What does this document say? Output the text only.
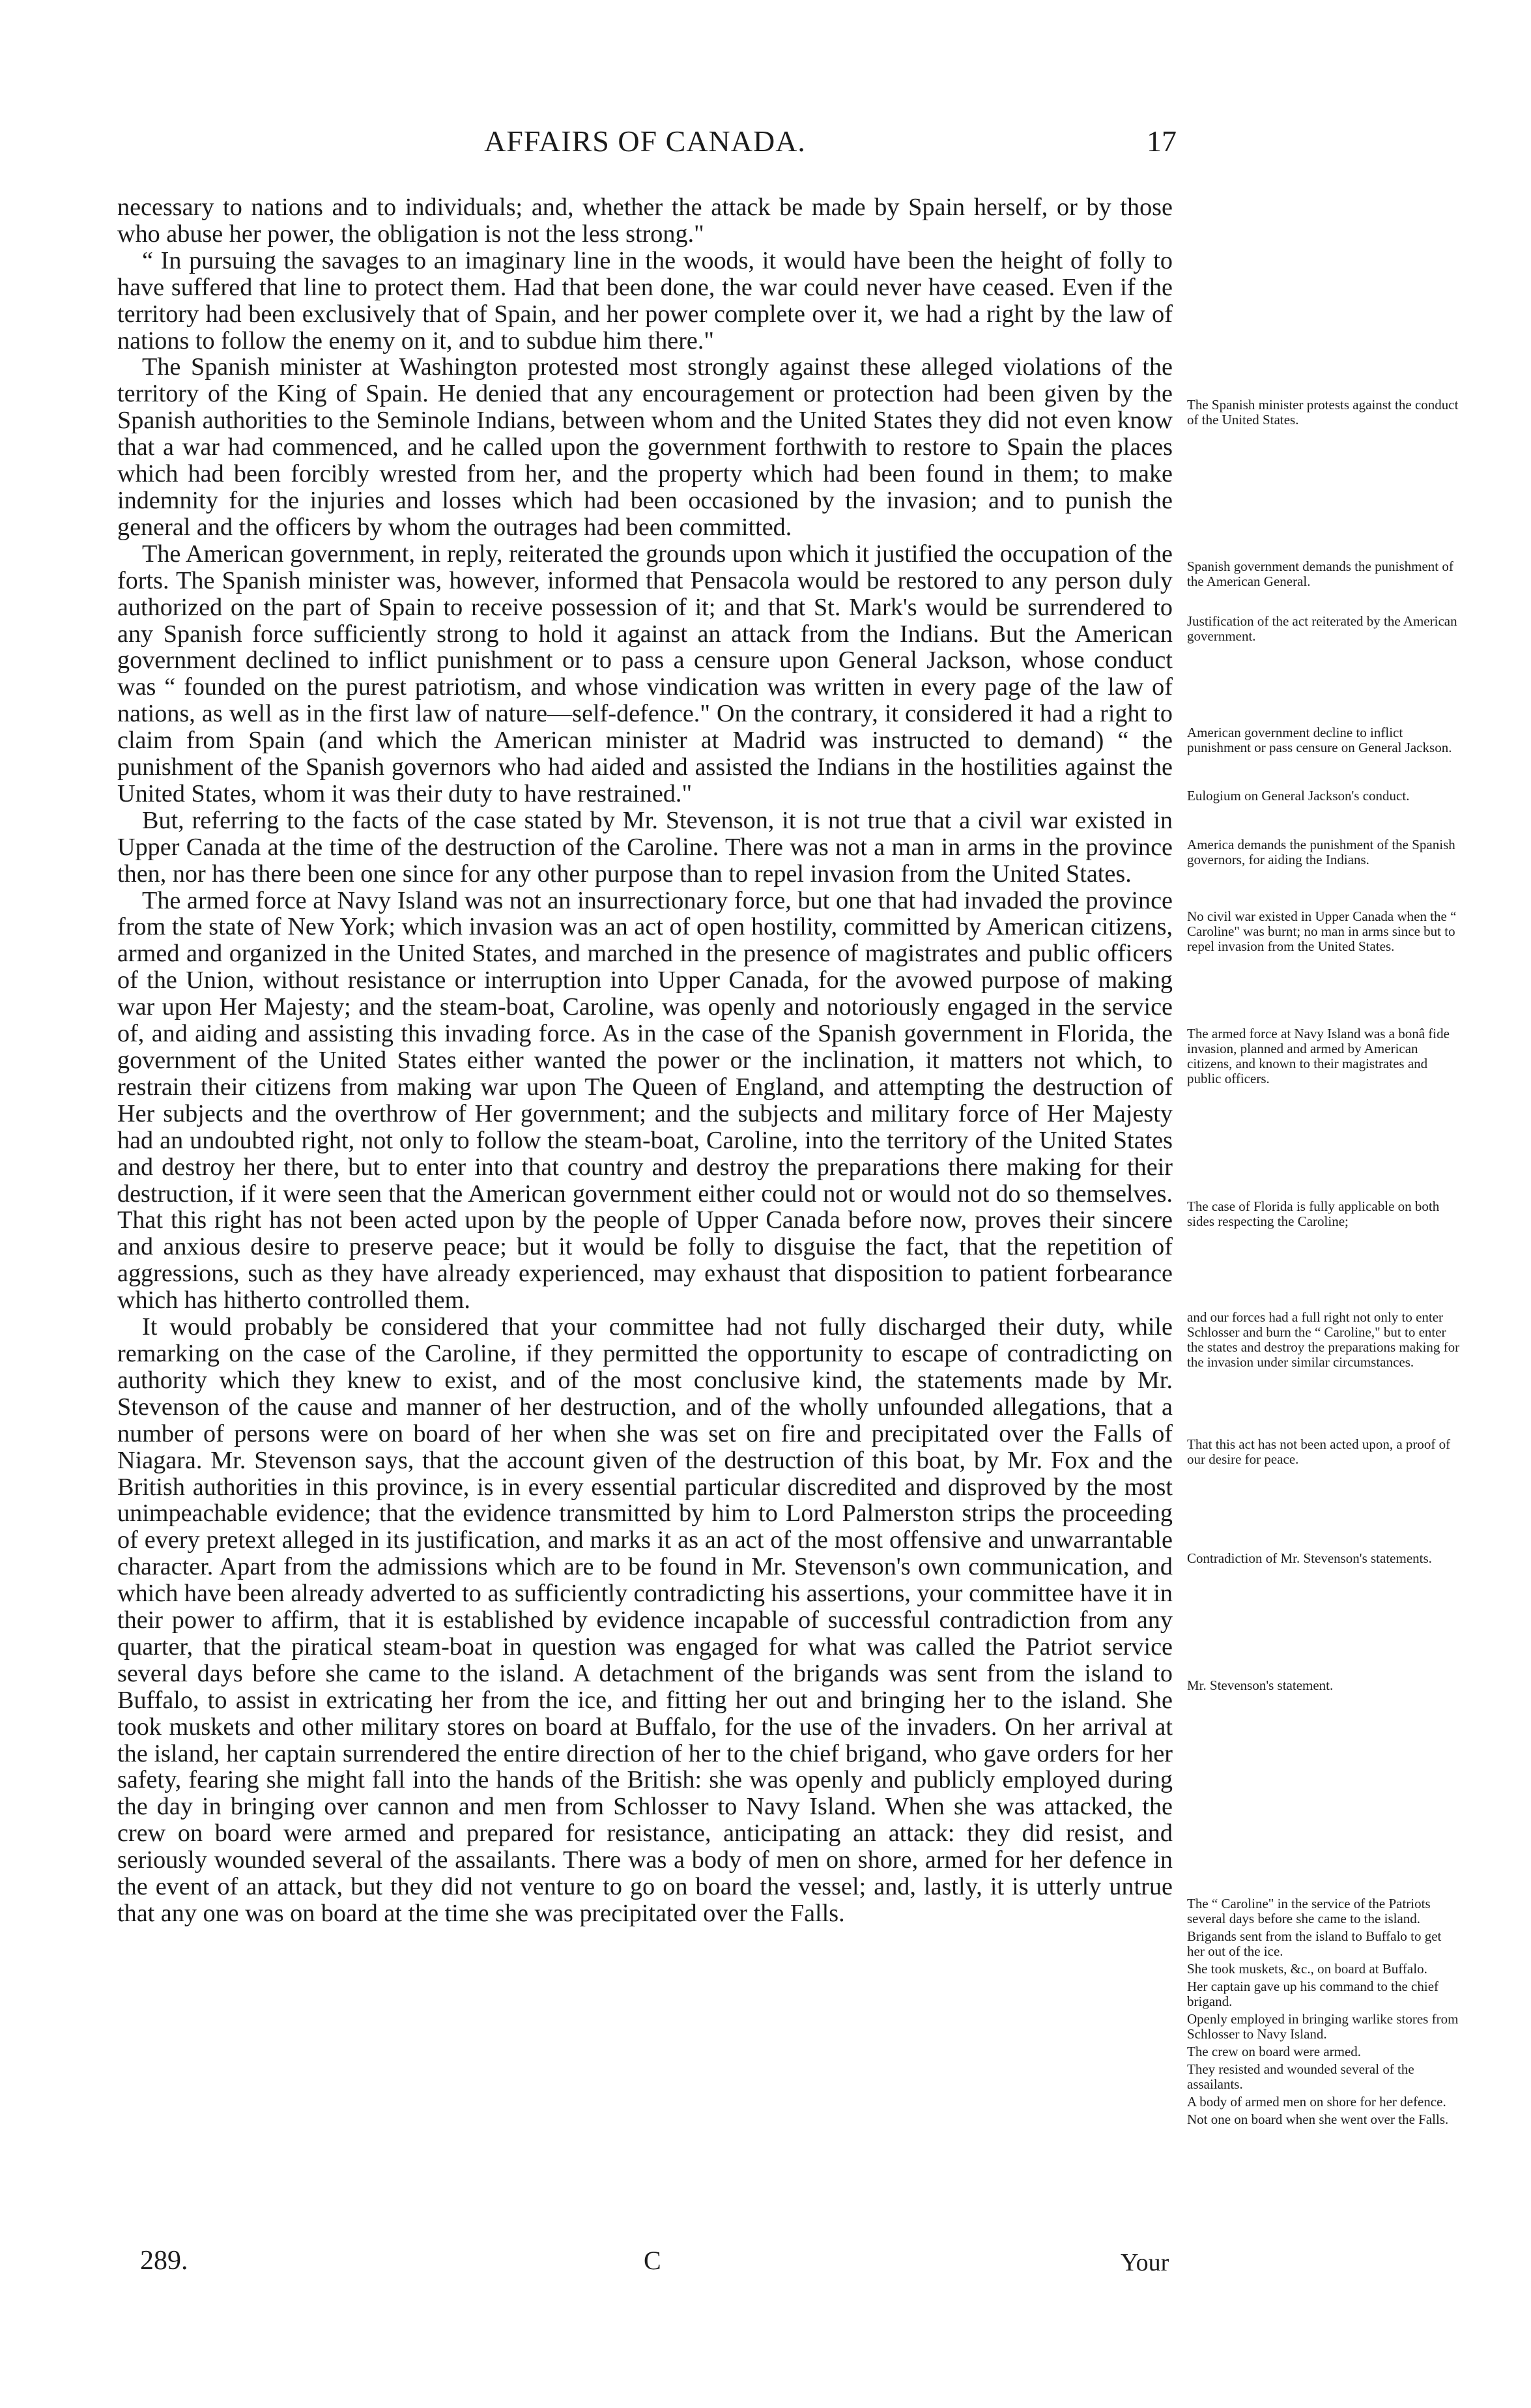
AFFAIRS OF CANADA.	17

necessary to nations and to individuals; and, whether the attack be made by Spain herself, or by those who abuse her power, the obligation is not the less strong."

“ In pursuing the savages to an imaginary line in the woods, it would have been the height of folly to have suffered that line to protect them. Had that been done, the war could never have ceased. Even if the territory had been exclusively that of Spain, and her power complete over it, we had a right by the law of nations to follow the enemy on it, and to subdue him there."

The Spanish minister at Washington protested most strongly against these alleged violations of the territory of the King of Spain. He denied that any encouragement or protection had been given by the Spanish authorities to the Seminole Indians, between whom and the United States they did not even know that a war had commenced, and he called upon the government forthwith to restore to Spain the places which had been forcibly wrested from her, and the property which had been found in them; to make indemnity for the injuries and losses which had been occasioned by the invasion; and to punish the general and the officers by whom the outrages had been committed.

The American government, in reply, reiterated the grounds upon which it justified the occupation of the forts. The Spanish minister was, however, informed that Pensacola would be restored to any person duly authorized on the part of Spain to receive possession of it; and that St. Mark's would be surrendered to any Spanish force sufficiently strong to hold it against an attack from the Indians. But the American government declined to inflict punishment or to pass a censure upon General Jackson, whose conduct was “ founded on the purest patriotism, and whose vindication was written in every page of the law of nations, as well as in the first law of nature—self-defence." On the contrary, it considered it had a right to claim from Spain (and which the American minister at Madrid was instructed to demand) “ the punishment of the Spanish governors who had aided and assisted the Indians in the hostilities against the United States, whom it was their duty to have restrained."

But, referring to the facts of the case stated by Mr. Stevenson, it is not true that a civil war existed in Upper Canada at the time of the destruction of the Caroline. There was not a man in arms in the province then, nor has there been one since for any other purpose than to repel invasion from the United States.

The armed force at Navy Island was not an insurrectionary force, but one that had invaded the province from the state of New York; which invasion was an act of open hostility, committed by American citizens, armed and organized in the United States, and marched in the presence of magistrates and public officers of the Union, without resistance or interruption into Upper Canada, for the avowed purpose of making war upon Her Majesty; and the steam-boat, Caroline, was openly and notoriously engaged in the service of, and aiding and assisting this invading force. As in the case of the Spanish government in Florida, the government of the United States either wanted the power or the inclination, it matters not which, to restrain their citizens from making war upon The Queen of England, and attempting the destruction of Her subjects and the overthrow of Her government; and the subjects and military force of Her Majesty had an undoubted right, not only to follow the steam-boat, Caroline, into the territory of the United States and destroy her there, but to enter into that country and destroy the preparations there making for their destruction, if it were seen that the American government either could not or would not do so themselves. That this right has not been acted upon by the people of Upper Canada before now, proves their sincere and anxious desire to preserve peace; but it would be folly to disguise the fact, that the repetition of aggressions, such as they have already experienced, may exhaust that disposition to patient forbearance which has hitherto controlled them.

It would probably be considered that your committee had not fully discharged their duty, while remarking on the case of the Caroline, if they permitted the opportunity to escape of contradicting on authority which they knew to exist, and of the most conclusive kind, the statements made by Mr. Stevenson of the cause and manner of her destruction, and of the wholly unfounded allegations, that a number of persons were on board of her when she was set on fire and precipitated over the Falls of Niagara. Mr. Stevenson says, that the account given of the destruction of this boat, by Mr. Fox and the British authorities in this province, is in every essential particular discredited and disproved by the most unimpeachable evidence; that the evidence transmitted by him to Lord Palmerston strips the proceeding of every pretext alleged in its justification, and marks it as an act of the most offensive and unwarrantable character. Apart from the admissions which are to be found in Mr. Stevenson's own communication, and which have been already adverted to as sufficiently contradicting his assertions, your committee have it in their power to affirm, that it is established by evidence incapable of successful contradiction from any quarter, that the piratical steam-boat in question was engaged for what was called the Patriot service several days before she came to the island. A detachment of the brigands was sent from the island to Buffalo, to assist in extricating her from the ice, and fitting her out and bringing her to the island. She took muskets and other military stores on board at Buffalo, for the use of the invaders. On her arrival at the island, her captain surrendered the entire direction of her to the chief brigand, who gave orders for her safety, fearing she might fall into the hands of the British: she was openly and publicly employed during the day in bringing over cannon and men from Schlosser to Navy Island. When she was attacked, the crew on board were armed and prepared for resistance, anticipating an attack: they did resist, and seriously wounded several of the assailants. There was a body of men on shore, armed for her defence in the event of an attack, but they did not venture to go on board the vessel; and, lastly, it is utterly untrue that any one was on board at the time she was precipitated over the Falls.

The Spanish minister protests against the conduct of the United States.
Spanish government demands the punishment of the American General.
Justification of the act reiterated by the American government.
American government decline to inflict punishment or pass censure on General Jackson.
Eulogium on General Jackson's conduct.
America demands the punishment of the Spanish governors, for aiding the Indians.
No civil war existed in Upper Canada when the “ Caroline" was burnt; no man in arms since but to repel invasion from the United States.
The armed force at Navy Island was a bonâ fide invasion, planned and armed by American citizens, and known to their magistrates and public officers.
The case of Florida is fully applicable on both sides respecting the Caroline;
and our forces had a full right not only to enter Schlosser and burn the “ Caroline," but to enter the states and destroy the preparations making for the invasion under similar circumstances.
That this act has not been acted upon, a proof of our desire for peace.
Contradiction of Mr. Stevenson's statements.
Mr. Stevenson's statement.
The “ Caroline" in the service of the Patriots several days before she came to the island.
Brigands sent from the island to Buffalo to get her out of the ice.
She took muskets, &c., on board at Buffalo.
Her captain gave up his command to the chief brigand.
Openly employed in bringing warlike stores from Schlosser to Navy Island.
The crew on board were armed.
They resisted and wounded several of the assailants.
A body of armed men on shore for her defence.
Not one on board when she went over the Falls.
289.	C	Your
